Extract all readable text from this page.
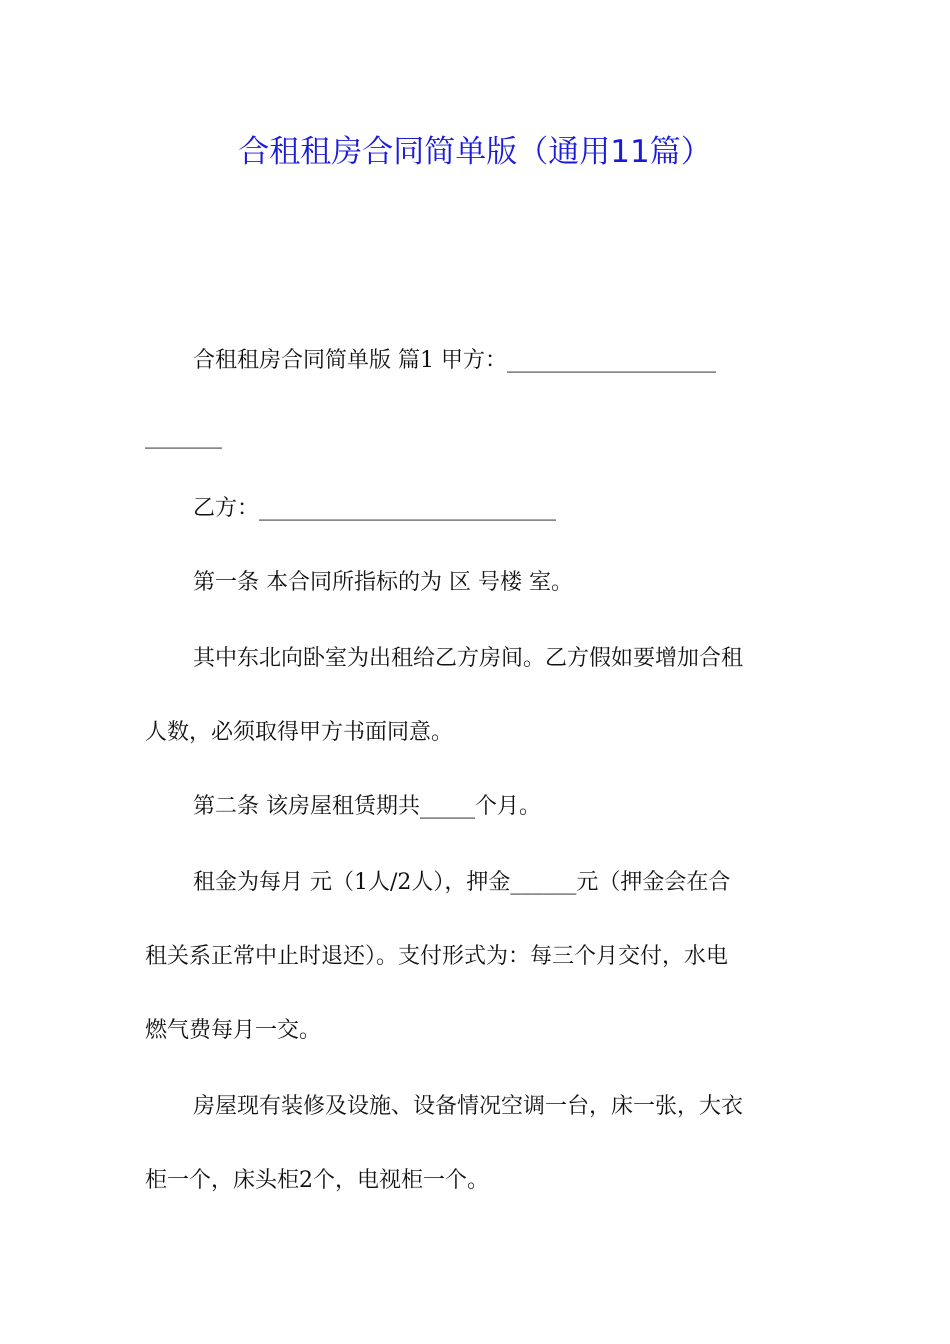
合租租房合同简单版（通用11篇）
合租租房合同简单版 篇1 甲方：___________________
_______
乙方：___________________________
第一条 本合同所指标的为 区 号楼 室。
其中东北向卧室为出租给乙方房间。乙方假如要增加合租
人数，必须取得甲方书面同意。
第二条 该房屋租赁期共_____个月。
租金为每月 元（1人/2人），押金______元（押金会在合
租关系正常中止时退还）。支付形式为：每三个月交付，水电
燃气费每月一交。
房屋现有装修及设施、设备情况空调一台，床一张，大衣
柜一个，床头柜2个，电视柜一个。
